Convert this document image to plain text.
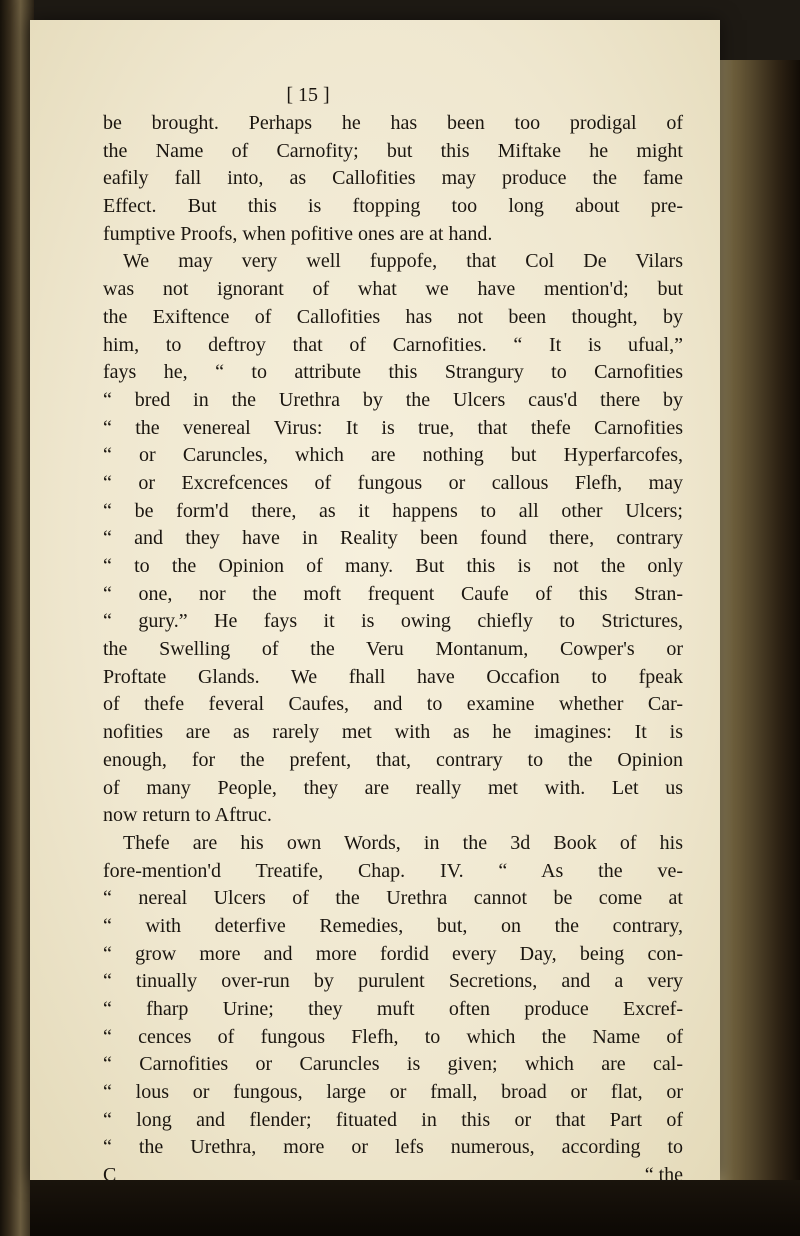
[ 15 ]
be brought. Perhaps he has been too prodigal of
the Name of Carnofity; but this Miftake he might
eafily fall into, as Callofities may produce the fame
Effect. But this is ftopping too long about pre-
fumptive Proofs, when pofitive ones are at hand.
We may very well fuppofe, that Col De Vilars
was not ignorant of what we have mention'd; but
the Exiftence of Callofities has not been thought, by
him, to deftroy that of Carnofities. “ It is ufual,”
fays he, “ to attribute this Strangury to Carnofities
“ bred in the Urethra by the Ulcers caus'd there by
“ the venereal Virus: It is true, that thefe Carnofities
“ or Caruncles, which are nothing but Hyperfarcofes,
“ or Excrefcences of fungous or callous Flefh, may
“ be form'd there, as it happens to all other Ulcers;
“ and they have in Reality been found there, contrary
“ to the Opinion of many. But this is not the only
“ one, nor the moft frequent Caufe of this Stran-
“ gury.” He fays it is owing chiefly to Strictures,
the Swelling of the Veru Montanum, Cowper's or
Proftate Glands. We fhall have Occafion to fpeak
of thefe feveral Caufes, and to examine whether Car-
nofities are as rarely met with as he imagines: It is
enough, for the prefent, that, contrary to the Opinion
of many People, they are really met with. Let us
now return to Aftruc.
Thefe are his own Words, in the 3d Book of his
fore-mention'd Treatife, Chap. IV. “ As the ve-
“ nereal Ulcers of the Urethra cannot be come at
“ with deterfive Remedies, but, on the contrary,
“ grow more and more fordid every Day, being con-
“ tinually over-run by purulent Secretions, and a very
“ fharp Urine; they muft often produce Excref-
“ cences of fungous Flefh, to which the Name of
“ Carnofities or Caruncles is given; which are cal-
“ lous or fungous, large or fmall, broad or flat, or
“ long and flender; fituated in this or that Part of
“ the Urethra, more or lefs numerous, according to
C	“ the
